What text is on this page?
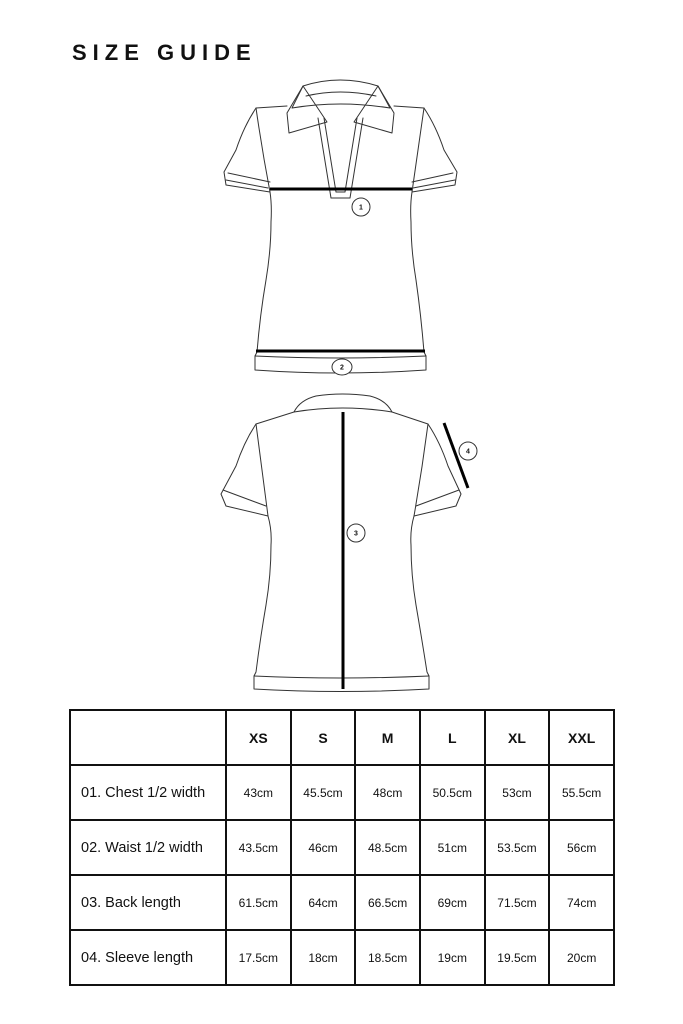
SIZE GUIDE
1
2
3
4
	XS	S	M	L	XL	XXL
01. Chest 1/2 width	43cm	45.5cm	48cm	50.5cm	53cm	55.5cm
02. Waist 1/2 width	43.5cm	46cm	48.5cm	51cm	53.5cm	56cm
03. Back length	61.5cm	64cm	66.5cm	69cm	71.5cm	74cm
04. Sleeve length	17.5cm	18cm	18.5cm	19cm	19.5cm	20cm
